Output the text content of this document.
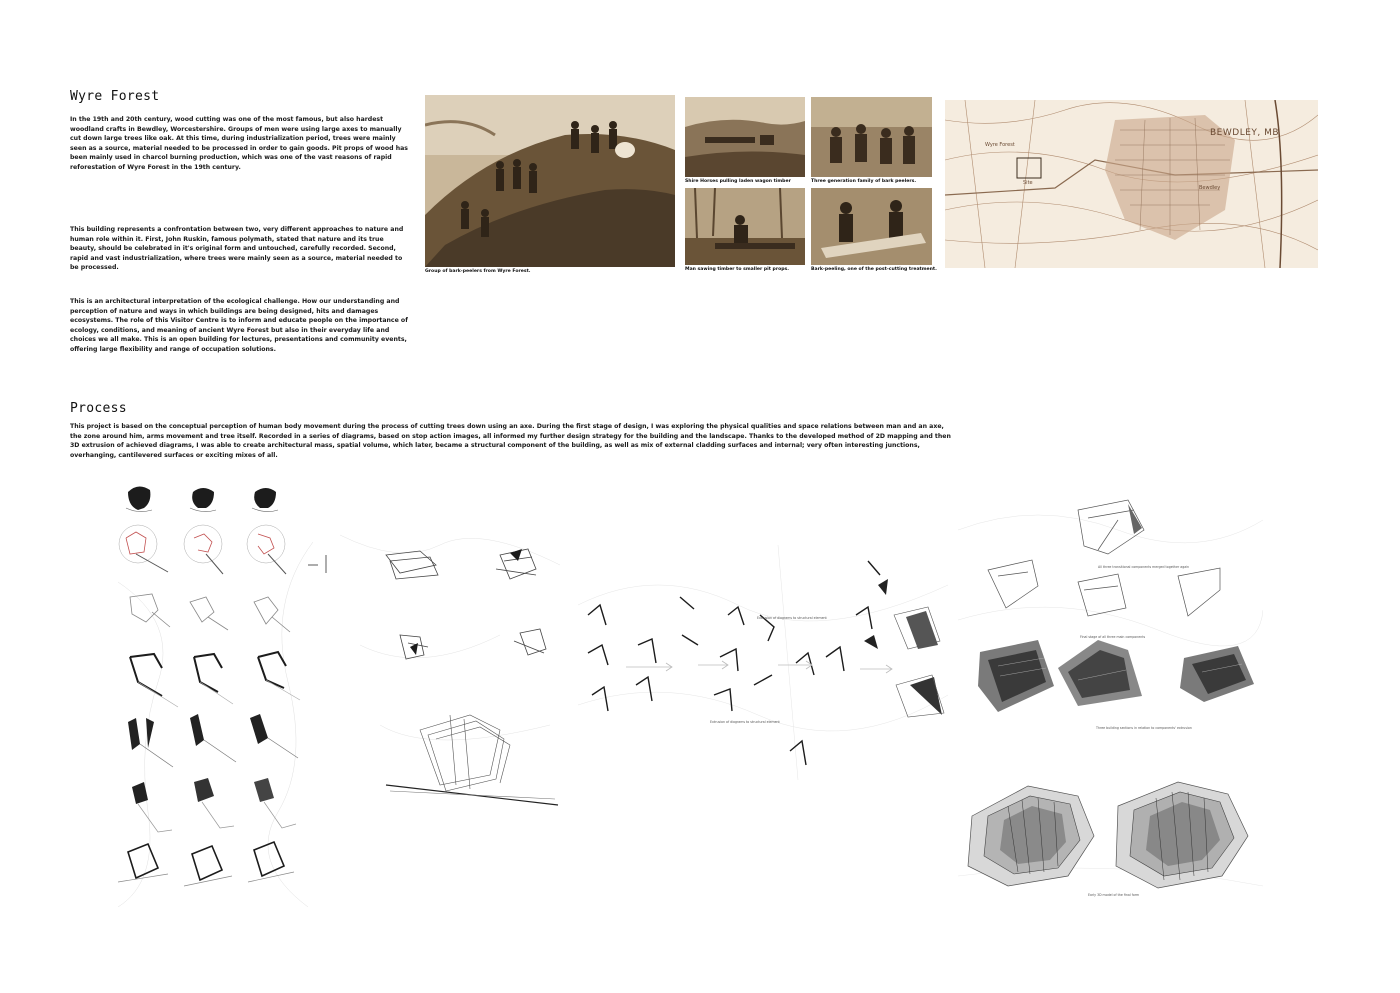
Wyre Forest

In the 19th and 20th century, wood cutting was one of the most famous, but also hardest woodland crafts in Bewdley, Worcestershire. Groups of men were using large axes to manually cut down large trees like oak. At this time, during industrialization period, trees were mainly seen as a source, material needed to be processed in order to gain goods. Pit props of wood has been mainly used in charcol burning production, which was one of the vast reasons of rapid reforestation of Wyre Forest in the 19th century.

This building represents a confrontation between two, very different approaches to nature and human role within it. First, John Ruskin, famous polymath, stated that nature and its true beauty, should be celebrated in it's original form and untouched, carefully recorded. Second, rapid and vast industrialization, where trees were mainly seen as a source, material needed to be processed.

This is an architectural interpretation of the ecological challenge. How our understanding and perception of nature and ways in which buildings are being designed, hits and damages ecosystems. The role of this Visitor Centre is to inform and educate people on the importance of ecology, conditions, and meaning of ancient Wyre Forest but also in their everyday life and choices we all make. This is an open building for lectures, presentations and community events, offering large flexibility and range of occupation solutions.

Group of bark-peelers from Wyre Forest.
Shire Horses pulling laden wagon timber	Three generation family of bark peelers.
Man sawing timber to smaller pit props.	Bark-peeling, one of the post-cutting treatment.
BEWDLEY, MB
Wyre Forest
Site
Bewdley
Process

This project is based on the conceptual perception of human body movement during the process of cutting trees down using an axe. During the first stage of design, I was exploring the physical qualities and space relations between man and an axe, the zone around him, arms movement and tree itself. Recorded in a series of diagrams, based on stop action images, all informed my further design strategy for the building and the landscape. Thanks to the developed method of 2D mapping and then 3D extrusion of achieved diagrams, I was able to create architectural mass, spatial volume, which later, became a structural component of the building, as well as mix of external cladding surfaces and internal; very often interesting junctions, overhanging, cantilevered surfaces or exciting mixes of all.

Extrusion of diagrams to structural element
Extrusion of diagrams to structural element
All three transitional components merged together again
Final stage of all three main components
Three building sections in relation to components' extrusion
Early 3D model of the final form
